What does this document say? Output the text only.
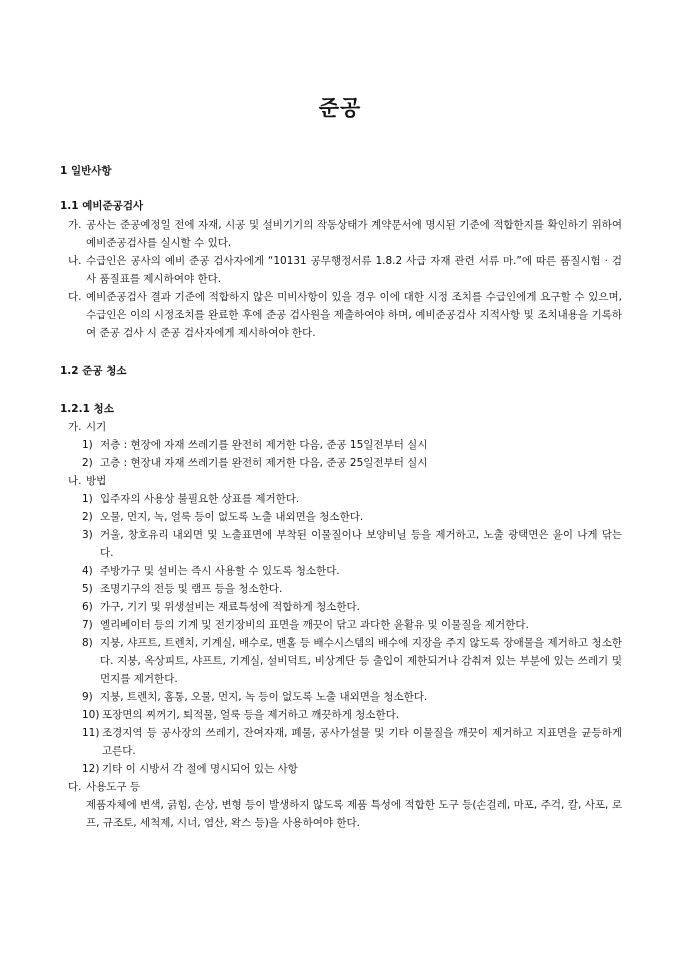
준공
1 일반사항
1.1 예비준공검사
가. 공사는 준공예정일 전에 자재, 시공 및 설비기기의 작동상태가 계약문서에 명시된 기준에 적합한지를 확인하기 위하여 예비준공검사를 실시할 수 있다.
나. 수급인은 공사의 예비 준공 검사자에게 “10131 공무행정서류 1.8.2 사급 자재 관련 서류 마.”에 따른 품질시험 · 검사 품질표를 제시하여야 한다.
다. 예비준공검사 결과 기준에 적합하지 않은 미비사항이 있을 경우 이에 대한 시정 조치를 수급인에게 요구할 수 있으며, 수급인은 이의 시정조치를 완료한 후에 준공 검사원을 제출하여야 하며, 예비준공검사 지적사항 및 조치내용을 기록하여 준공 검사 시 준공 검사자에게 제시하여야 한다.
1.2 준공 청소
1.2.1 청소
가. 시기
1) 저층 : 현장에 자재 쓰레기를 완전히 제거한 다음, 준공 15일전부터 실시
2) 고층 : 현장내 자재 쓰레기를 완전히 제거한 다음, 준공 25일전부터 실시
나. 방법
1) 입주자의 사용상 불필요한 상표를 제거한다.
2) 오물, 먼지, 녹, 얼룩 등이 없도록 노출 내외면을 청소한다.
3) 거울, 창호유리 내외면 및 노출표면에 부착된 이물질이나 보양비닐 등을 제거하고, 노출 광택면은 윤이 나게 닦는다.
4) 주방가구 및 설비는 즉시 사용할 수 있도록 청소한다.
5) 조명기구의 전등 및 램프 등을 청소한다.
6) 가구, 기기 및 위생설비는 재료특성에 적합하게 청소한다.
7) 엘리베이터 등의 기계 및 전기장비의 표면을 깨끗이 닦고 과다한 윤활유 및 이물질을 제거한다.
8) 지붕, 샤프트, 트렌치, 기계실, 배수로, 맨홀 등 배수시스템의 배수에 지장을 주지 않도록 장애물을 제거하고 청소한다. 지붕, 옥상피트, 샤프트, 기계실, 설비덕트, 비상계단 등 출입이 제한되거나 감춰져 있는 부분에 있는 쓰레기 및 먼지를 제거한다.
9) 지붕, 트렌치, 홈통, 오물, 먼지, 녹 등이 없도록 노출 내외면을 청소한다.
10) 포장면의 찌꺼기, 퇴적물, 얼룩 등을 제거하고 깨끗하게 청소한다.
11) 조경지역 등 공사장의 쓰레기, 잔여자재, 폐물, 공사가설물 및 기타 이물질을 깨끗이 제거하고 지표면을 균등하게 고른다.
12) 기타 이 시방서 각 절에 명시되어 있는 사항
다. 사용도구 등
제품자체에 변색, 긁힘, 손상, 변형 등이 발생하지 않도록 제품 특성에 적합한 도구 등(손걸레, 마포, 주걱, 칼, 사포, 로프, 규조토, 세척제, 시너, 염산, 왁스 등)을 사용하여야 한다.
